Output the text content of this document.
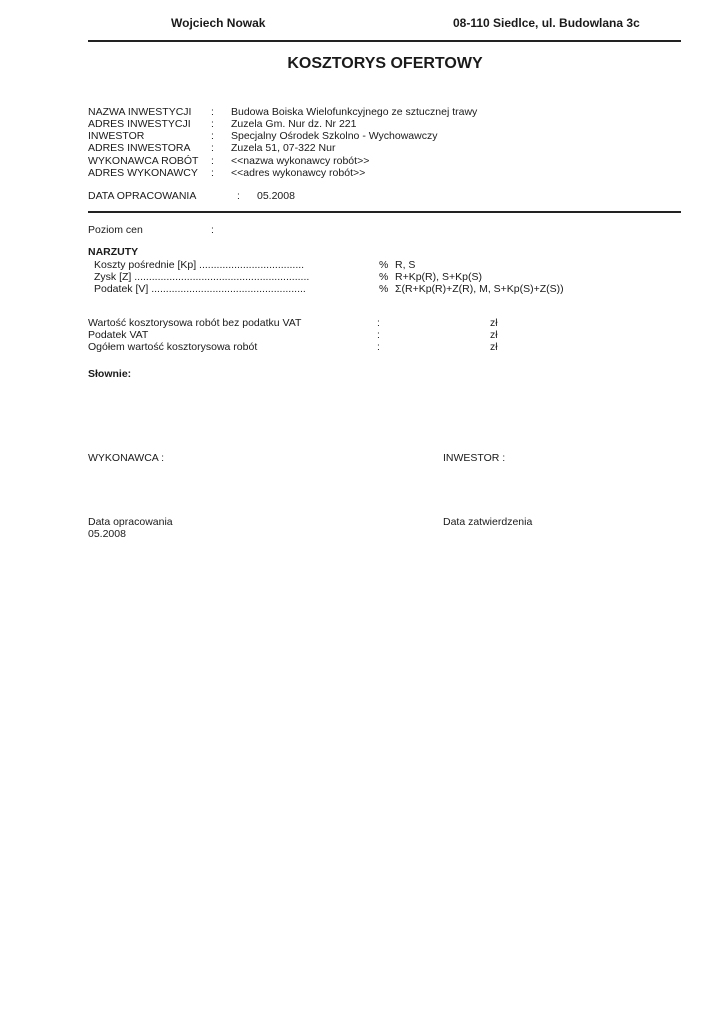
Wojciech Nowak	08-110 Siedlce, ul. Budowlana 3c
KOSZTORYS OFERTOWY
NAZWA INWESTYCJI : Budowa Boiska Wielofunkcyjnego ze sztucznej trawy
ADRES INWESTYCJI : Zuzela Gm. Nur dz. Nr 221
INWESTOR	: Specjalny Ośrodek Szkolno - Wychowawczy
ADRES INWESTORA : Zuzela 51, 07-322 Nur
WYKONAWCA ROBÓT : <<nazwa wykonawcy robót>>
ADRES WYKONAWCY : <<adres wykonawcy robót>>
DATA OPRACOWANIA	: 05.2008
Poziom cen	:
NARZUTY
Koszty pośrednie [Kp] ....................................	% R, S
Zysk [Z] ............................................................	% R+Kp(R), S+Kp(S)
Podatek [V] .....................................................	% Σ(R+Kp(R)+Z(R), M, S+Kp(S)+Z(S))
Wartość kosztorysowa robót bez podatku VAT	:	zł
Podatek VAT	:	zł
Ogółem wartość kosztorysowa robót	:	zł
Słownie:
WYKONAWCA :	INWESTOR :
Data opracowania
05.2008
Data zatwierdzenia
